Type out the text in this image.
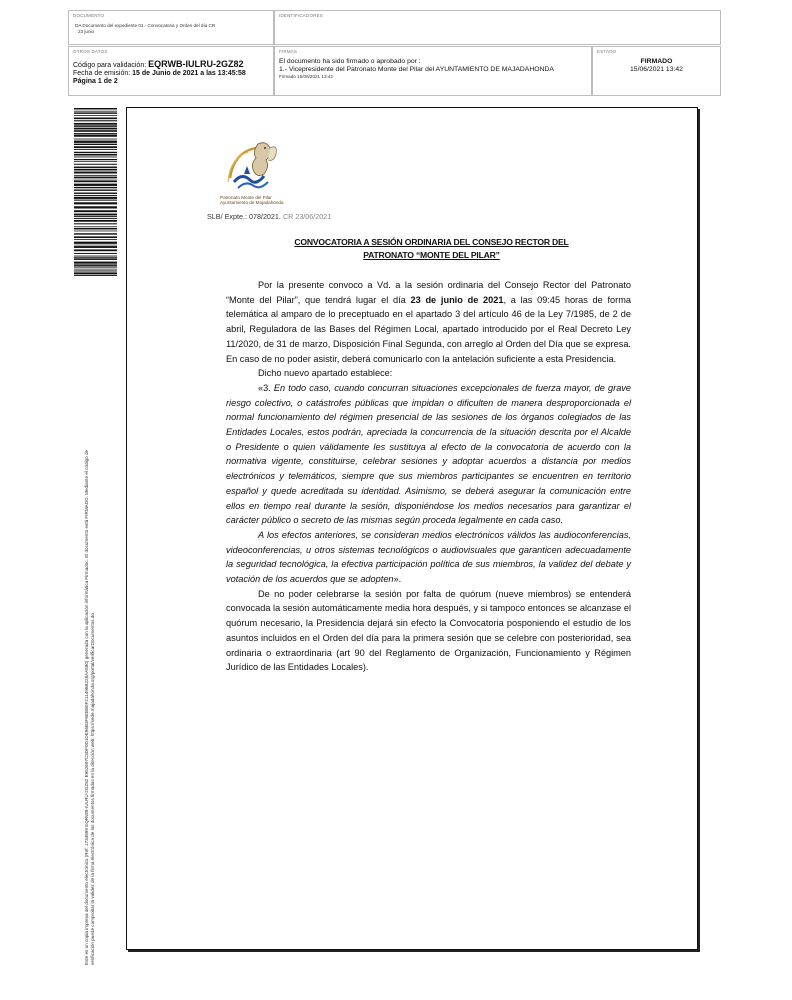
DOCUMENTO
DA Documento del expediente 01.- Convocatoria y Orden del día CR
23 junio
IDENTIFICADORES
OTROS DATOS
Código para validación: EQRWB-IULRU-2GZ82
Fecha de emisión: 15 de Junio de 2021 a las 13:45:58
Página 1 de 2
FIRMAS
El documento ha sido firmado o aprobado por :
1.- Vicepresidente del Patronato Monte del Pilar del AYUNTAMIENTO DE MAJADAHONDA
Firmado 15/06/2021 13:42
ESTADO
FIRMADO
15/06/2021 13:42
Este es un copia impresa del documento electrónico (Ref: 1734899 EQRWB-IULRU-2GZ82 E952697C3DF0D1DE96B3F6EBB0F211496B226AA580) generada con la aplicación informática Firmadoc. El documento está FIRMADO. Mediante el código de verificación puede comprobar la validez de la firma electrónica de los documentos firmados en la dirección web: https://sede.majadahonda.org/portal/verificarDocumentos.do
Patronato Monte del Pilar
Ayuntamiento de Majadahonda
SLB/ Expte.: 078/2021. CR 23/06/2021
CONVOCATORIA A SESIÓN ORDINARIA DEL CONSEJO RECTOR DEL
PATRONATO “MONTE DEL PILAR”

Por la presente convoco a Vd. a la sesión ordinaria del Consejo Rector del Patronato “Monte del Pilar”, que tendrá lugar el día 23 de junio de 2021, a las 09:45 horas de forma telemática al amparo de lo preceptuado en el apartado 3 del artículo 46 de la Ley 7/1985, de 2 de abril, Reguladora de las Bases del Régimen Local, apartado introducido por el Real Decreto Ley 11/2020, de 31 de marzo, Disposición Final Segunda, con arreglo al Orden del Día que se expresa. En caso de no poder asistir, deberá comunicarlo con la antelación suficiente a esta Presidencia.

Dicho nuevo apartado establece:

«3. En todo caso, cuando concurran situaciones excepcionales de fuerza mayor, de grave riesgo colectivo, o catástrofes públicas que impidan o dificulten de manera desproporcionada el normal funcionamiento del régimen presencial de las sesiones de los órganos colegiados de las Entidades Locales, estos podrán, apreciada la concurrencia de la situación descrita por el Alcalde o Presidente o quien válidamente les sustituya al efecto de la convocatoria de acuerdo con la normativa vigente, constituirse, celebrar sesiones y adoptar acuerdos a distancia por medios electrónicos y telemáticos, siempre que sus miembros participantes se encuentren en territorio español y quede acreditada su identidad. Asimismo, se deberá asegurar la comunicación entre ellos en tiempo real durante la sesión, disponiéndose los medios necesarios para garantizar el carácter público o secreto de las mismas según proceda legalmente en cada caso.

A los efectos anteriores, se consideran medios electrónicos válidos las audioconferencias, videoconferencias, u otros sistemas tecnológicos o audiovisuales que garanticen adecuadamente la seguridad tecnológica, la efectiva participación política de sus miembros, la validez del debate y votación de los acuerdos que se adopten».

De no poder celebrarse la sesión por falta de quórum (nueve miembros) se entenderá convocada la sesión automáticamente media hora después, y si tampoco entonces se alcanzase el quórum necesario, la Presidencia dejará sin efecto la Convocatoria posponiendo el estudio de los asuntos incluidos en el Orden del día para la primera sesión que se celebre con posterioridad, sea ordinaria o extraordinaria (art 90 del Reglamento de Organización, Funcionamiento y Régimen Jurídico de las Entidades Locales).
